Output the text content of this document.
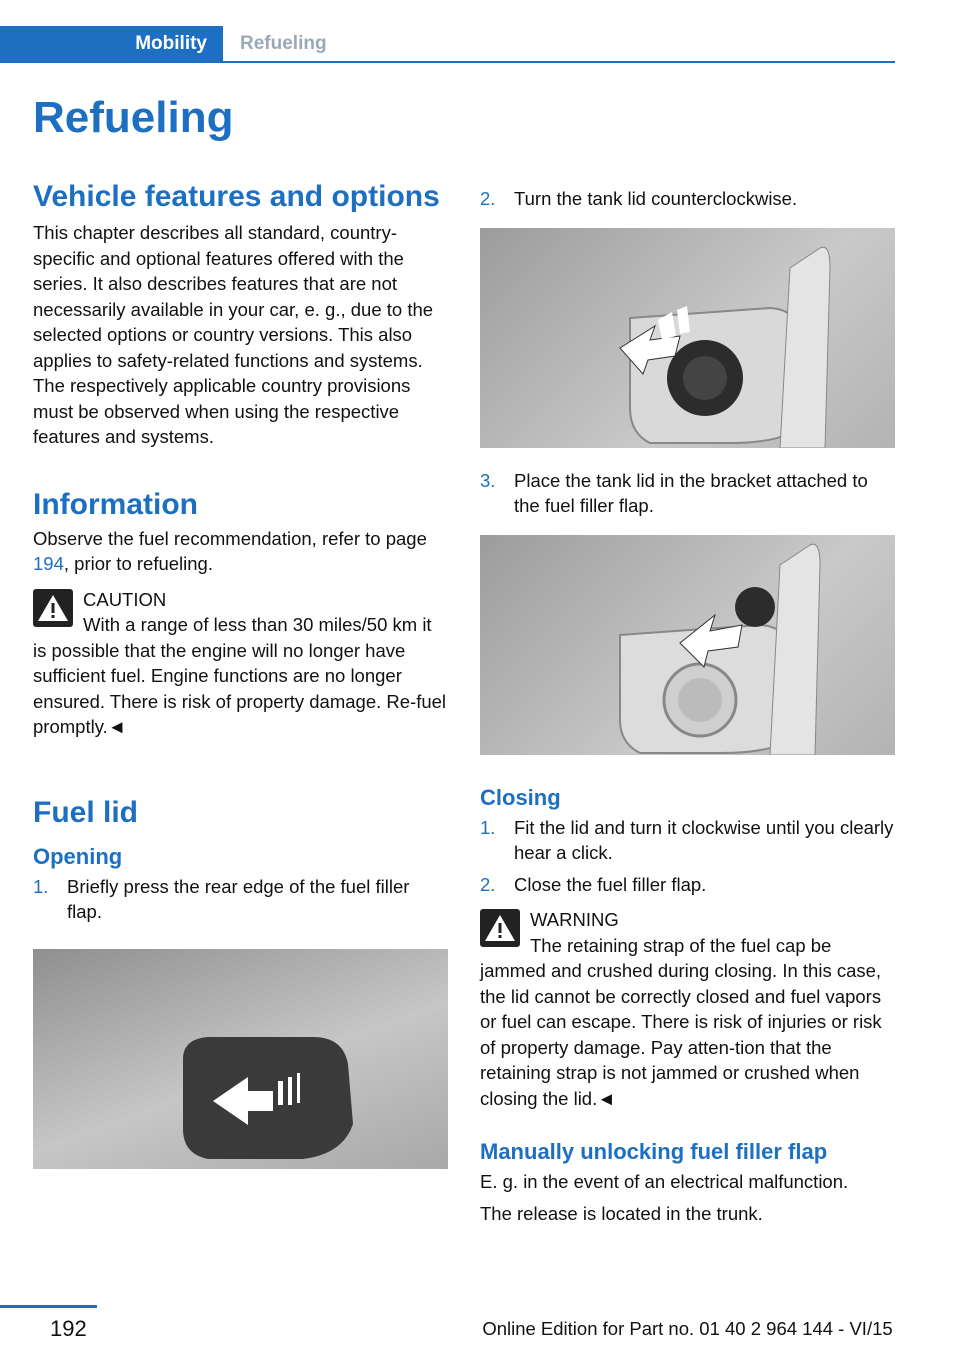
Mobility	Refueling
Refueling
Vehicle features and options

This chapter describes all standard, country-specific and optional features offered with the series. It also describes features that are not necessarily available in your car, e. g., due to the selected options or country versions. This also applies to safety-related functions and systems. The respectively applicable country provisions must be observed when using the respective features and systems.

Information

Observe the fuel recommendation, refer to page 194, prior to refueling.

CAUTION
With a range of less than 30 miles/50 km it is possible that the engine will no longer have sufficient fuel. Engine functions are no longer ensured. There is risk of property damage. Re-fuel promptly.◄
Fuel lid
Opening
1. Briefly press the rear edge of the fuel filler flap.
2. Turn the tank lid counterclockwise.
3. Place the tank lid in the bracket attached to the fuel filler flap.
Closing
1. Fit the lid and turn it clockwise until you clearly hear a click.
2. Close the fuel filler flap.
WARNING
The retaining strap of the fuel cap be jammed and crushed during closing. In this case, the lid cannot be correctly closed and fuel vapors or fuel can escape. There is risk of injuries or risk of property damage. Pay atten-tion that the retaining strap is not jammed or crushed when closing the lid.◄
Manually unlocking fuel filler flap

E. g. in the event of an electrical malfunction.

The release is located in the trunk.

192	Online Edition for Part no. 01 40 2 964 144 - VI/15
